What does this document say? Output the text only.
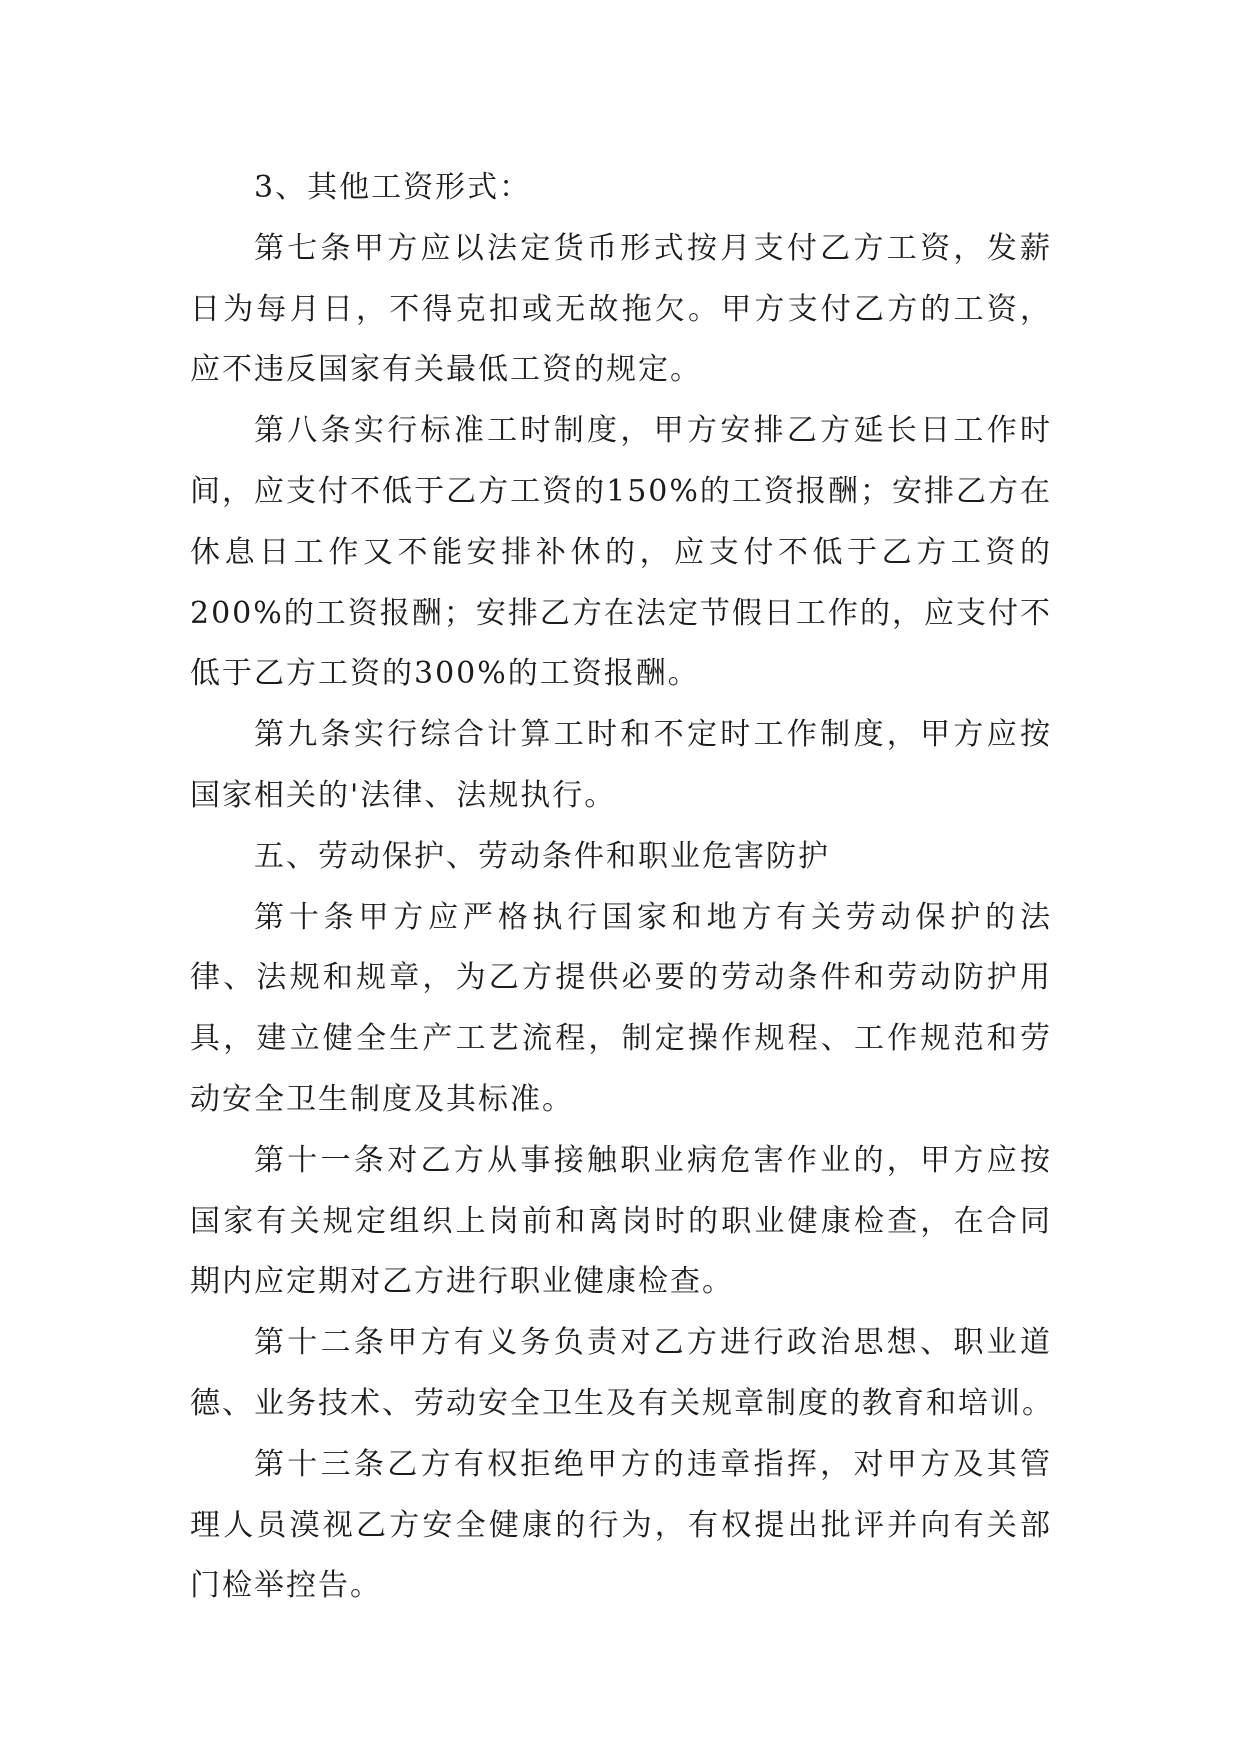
3、其他工资形式：
第七条甲方应以法定货币形式按月支付乙方工资，发薪
日为每月日，不得克扣或无故拖欠。甲方支付乙方的工资，
应不违反国家有关最低工资的规定。
第八条实行标准工时制度，甲方安排乙方延长日工作时
间，应支付不低于乙方工资的150%的工资报酬；安排乙方在
休息日工作又不能安排补休的，应支付不低于乙方工资的
200%的工资报酬；安排乙方在法定节假日工作的，应支付不
低于乙方工资的300%的工资报酬。
第九条实行综合计算工时和不定时工作制度，甲方应按
国家相关的'法律、法规执行。
五、劳动保护、劳动条件和职业危害防护
第十条甲方应严格执行国家和地方有关劳动保护的法
律、法规和规章，为乙方提供必要的劳动条件和劳动防护用
具，建立健全生产工艺流程，制定操作规程、工作规范和劳
动安全卫生制度及其标准。
第十一条对乙方从事接触职业病危害作业的，甲方应按
国家有关规定组织上岗前和离岗时的职业健康检查，在合同
期内应定期对乙方进行职业健康检查。
第十二条甲方有义务负责对乙方进行政治思想、职业道
德、业务技术、劳动安全卫生及有关规章制度的教育和培训。
第十三条乙方有权拒绝甲方的违章指挥，对甲方及其管
理人员漠视乙方安全健康的行为，有权提出批评并向有关部
门检举控告。
